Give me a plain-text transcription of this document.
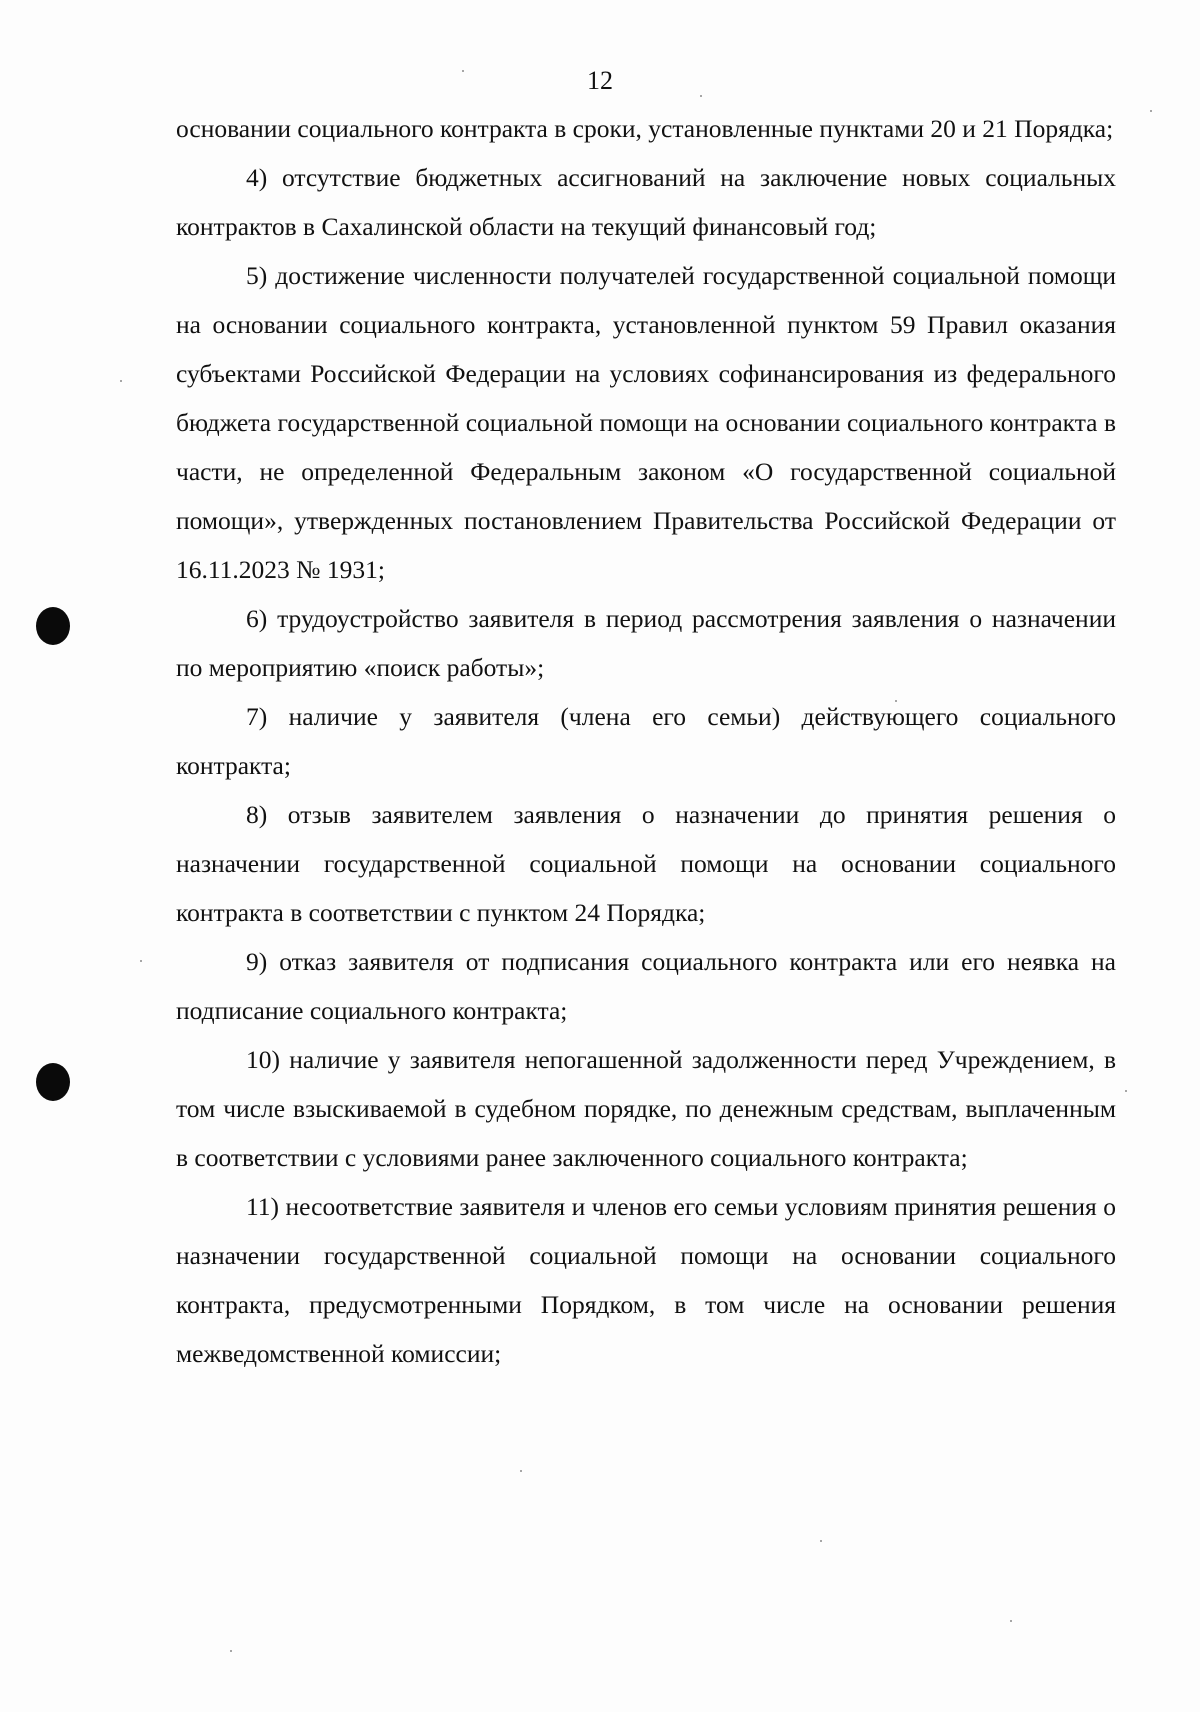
12

основании социального контракта в сроки, установленные пунктами 20 и 21 Порядка;

4) отсутствие бюджетных ассигнований на заключение новых социальных контрактов в Сахалинской области на текущий финансовый год;

5) достижение численности получателей государственной социальной помощи на основании социального контракта, установленной пунктом 59 Правил оказания субъектами Российской Федерации на условиях софинансирования из федерального бюджета государственной социальной помощи на основании социального контракта в части, не определенной Федеральным законом «О государственной социальной помощи», утвержденных постановлением Правительства Российской Федерации от 16.11.2023 № 1931;

6) трудоустройство заявителя в период рассмотрения заявления о назначении по мероприятию «поиск работы»;

7) наличие у заявителя (члена его семьи) действующего социального контракта;

8) отзыв заявителем заявления о назначении до принятия решения о назначении государственной социальной помощи на основании социального контракта в соответствии с пунктом 24 Порядка;

9) отказ заявителя от подписания социального контракта или его неявка на подписание социального контракта;

10) наличие у заявителя непогашенной задолженности перед Учреждением, в том числе взыскиваемой в судебном порядке, по денежным средствам, выплаченным в соответствии с условиями ранее заключенного социального контракта;

11) несоответствие заявителя и членов его семьи условиям принятия решения о назначении государственной социальной помощи на основании социального контракта, предусмотренными Порядком, в том числе на основании решения межведомственной комиссии;
